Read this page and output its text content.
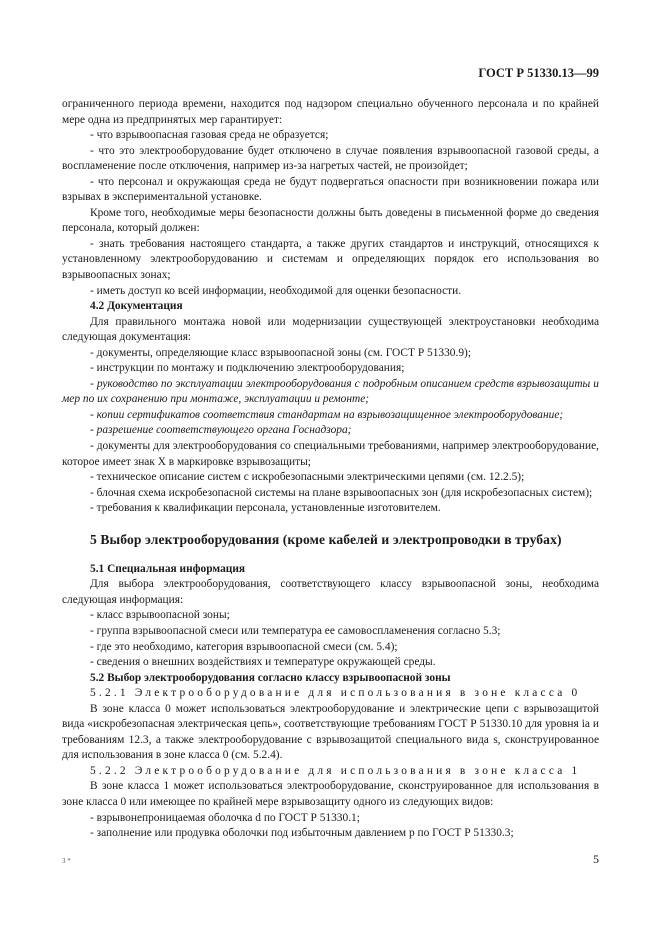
ГОСТ Р 51330.13—99

ограниченного периода времени, находится под надзором специально обученного персонала и по крайней мере одна из предпринятых мер гарантирует:

- что взрывоопасная газовая среда не образуется;

- что это электрооборудование будет отключено в случае появления взрывоопасной газовой среды, а воспламенение после отключения, например из-за нагретых частей, не произойдет;

- что персонал и окружающая среда не будут подвергаться опасности при возникновении пожара или взрывах в экспериментальной установке.

Кроме того, необходимые меры безопасности должны быть доведены в письменной форме до сведения персонала, который должен:

- знать требования настоящего стандарта, а также других стандартов и инструкций, относящихся к установленному электрооборудованию и системам и определяющих порядок его использования во взрывоопасных зонах;

- иметь доступ ко всей информации, необходимой для оценки безопасности.

4.2 Документация

Для правильного монтажа новой или модернизации существующей электроустановки необходима следующая документация:

- документы, определяющие класс взрывоопасной зоны (см. ГОСТ Р 51330.9);

- инструкции по монтажу и подключению электрооборудования;

- руководство по эксплуатации электрооборудования с подробным описанием средств взрывозащиты и мер по их сохранению при монтаже, эксплуатации и ремонте;

- копии сертификатов соответствия стандартам на взрывозащищенное электрооборудование;

- разрешение соответствующего органа Госнадзора;

- документы для электрооборудования со специальными требованиями, например электрооборудование, которое имеет знак X в маркировке взрывозащиты;

- техническое описание систем с искробезопасными электрическими цепями (см. 12.2.5);

- блочная схема искробезопасной системы на плане взрывоопасных зон (для искробезопасных систем);

- требования к квалификации персонала, установленные изготовителем.

5 Выбор электрооборудования (кроме кабелей и электропроводки в трубах)

5.1 Специальная информация

Для выбора электрооборудования, соответствующего классу взрывоопасной зоны, необходима следующая информация:

- класс взрывоопасной зоны;

- группа взрывоопасной смеси или температура ее самовоспламенения согласно 5.3;

- где это необходимо, категория взрывоопасной смеси (см. 5.4);

- сведения о внешних воздействиях и температуре окружающей среды.

5.2 Выбор электрооборудования согласно классу взрывоопасной зоны

5.2.1 Электрооборудование для использования в зоне класса 0

В зоне класса 0 может использоваться электрооборудование и электрические цепи с взрывозащитой вида «искробезопасная электрическая цепь», соответствующие требованиям ГОСТ Р 51330.10 для уровня ia и требованиям 12.3, а также электрооборудование с взрывозащитой специального вида s, сконструированное для использования в зоне класса 0 (см. 5.2.4).

5.2.2 Электрооборудование для использования в зоне класса 1

В зоне класса 1 может использоваться электрооборудование, сконструированное для использования в зоне класса 0 или имеющее по крайней мере взрывозащиту одного из следующих видов:

- взрывонепроницаемая оболочка d по ГОСТ Р 51330.1;

- заполнение или продувка оболочки под избыточным давлением p по ГОСТ Р 51330.3;

3 *	5
